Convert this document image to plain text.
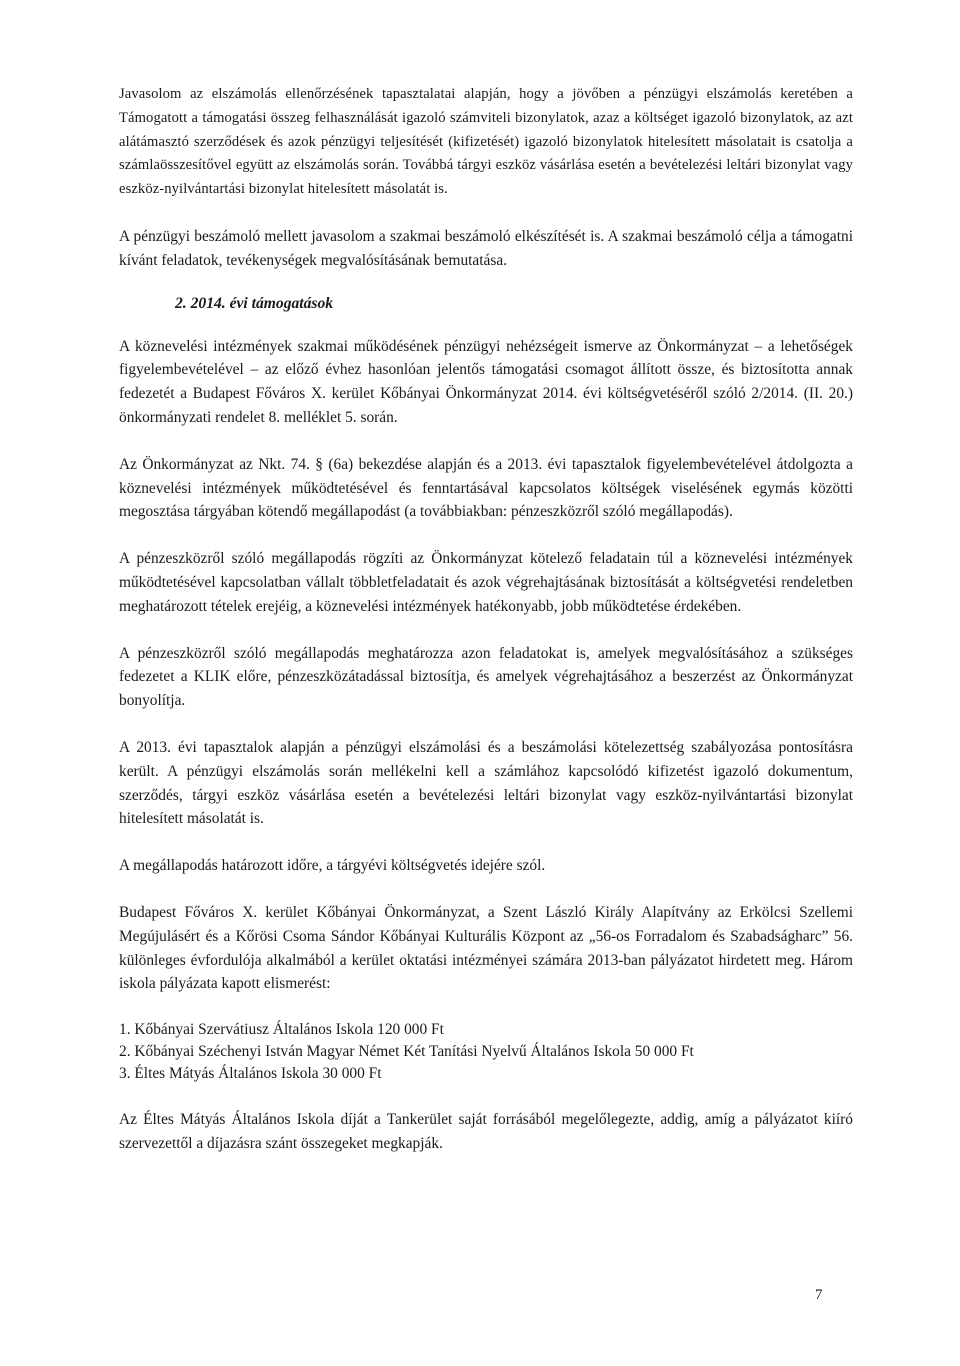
Javasolom az elszámolás ellenőrzésének tapasztalatai alapján, hogy a jövőben a pénzügyi elszámolás keretében a Támogatott a támogatási összeg felhasználását igazoló számviteli bizonylatok, azaz a költséget igazoló bizonylatok, az azt alátámasztó szerződések és azok pénzügyi teljesítését (kifizetését) igazoló bizonylatok hitelesített másolatait is csatolja a számlaösszesítővel együtt az elszámolás során. Továbbá tárgyi eszköz vásárlása esetén a bevételezési leltári bizonylat vagy eszköz-nyilvántartási bizonylat hitelesített másolatát is.

A pénzügyi beszámoló mellett javasolom a szakmai beszámoló elkészítését is. A szakmai beszámoló célja a támogatni kívánt feladatok, tevékenységek megvalósításának bemutatása.

2. 2014. évi támogatások

A köznevelési intézmények szakmai működésének pénzügyi nehézségeit ismerve az Önkormányzat – a lehetőségek figyelembevételével – az előző évhez hasonlóan jelentős támogatási csomagot állított össze, és biztosította annak fedezetét a Budapest Főváros X. kerület Kőbányai Önkormányzat 2014. évi költségvetéséről szóló 2/2014. (II. 20.) önkormányzati rendelet 8. melléklet 5. során.

Az Önkormányzat az Nkt. 74. § (6a) bekezdése alapján és a 2013. évi tapasztalok figyelembevételével átdolgozta a köznevelési intézmények működtetésével és fenntartásával kapcsolatos költségek viselésének egymás közötti megosztása tárgyában kötendő megállapodást (a továbbiakban: pénzeszközről szóló megállapodás).

A pénzeszközről szóló megállapodás rögzíti az Önkormányzat kötelező feladatain túl a köznevelési intézmények működtetésével kapcsolatban vállalt többletfeladatait és azok végrehajtásának biztosítását a költségvetési rendeletben meghatározott tételek erejéig, a köznevelési intézmények hatékonyabb, jobb működtetése érdekében.

A pénzeszközről szóló megállapodás meghatározza azon feladatokat is, amelyek megvalósításához a szükséges fedezetet a KLIK előre, pénzeszközátadással biztosítja, és amelyek végrehajtásához a beszerzést az Önkormányzat bonyolítja.

A 2013. évi tapasztalok alapján a pénzügyi elszámolási és a beszámolási kötelezettség szabályozása pontosításra került. A pénzügyi elszámolás során mellékelni kell a számlához kapcsolódó kifizetést igazoló dokumentum, szerződés, tárgyi eszköz vásárlása esetén a bevételezési leltári bizonylat vagy eszköz-nyilvántartási bizonylat hitelesített másolatát is.

A megállapodás határozott időre, a tárgyévi költségvetés idejére szól.

Budapest Főváros X. kerület Kőbányai Önkormányzat, a Szent László Király Alapítvány az Erkölcsi Szellemi Megújulásért és a Kőrösi Csoma Sándor Kőbányai Kulturális Központ az „56-os Forradalom és Szabadságharc” 56. különleges évfordulója alkalmából a kerület oktatási intézményei számára 2013-ban pályázatot hirdetett meg. Három iskola pályázata kapott elismerést:

1. Kőbányai Szervátiusz Általános Iskola 120 000 Ft
2. Kőbányai Széchenyi István Magyar Német Két Tanítási Nyelvű Általános Iskola 50 000 Ft
3. Éltes Mátyás Általános Iskola 30 000 Ft

Az Éltes Mátyás Általános Iskola díját a Tankerület saját forrásából megelőlegezte, addig, amíg a pályázatot kiíró szervezettől a díjazásra szánt összegeket megkapják.

7
